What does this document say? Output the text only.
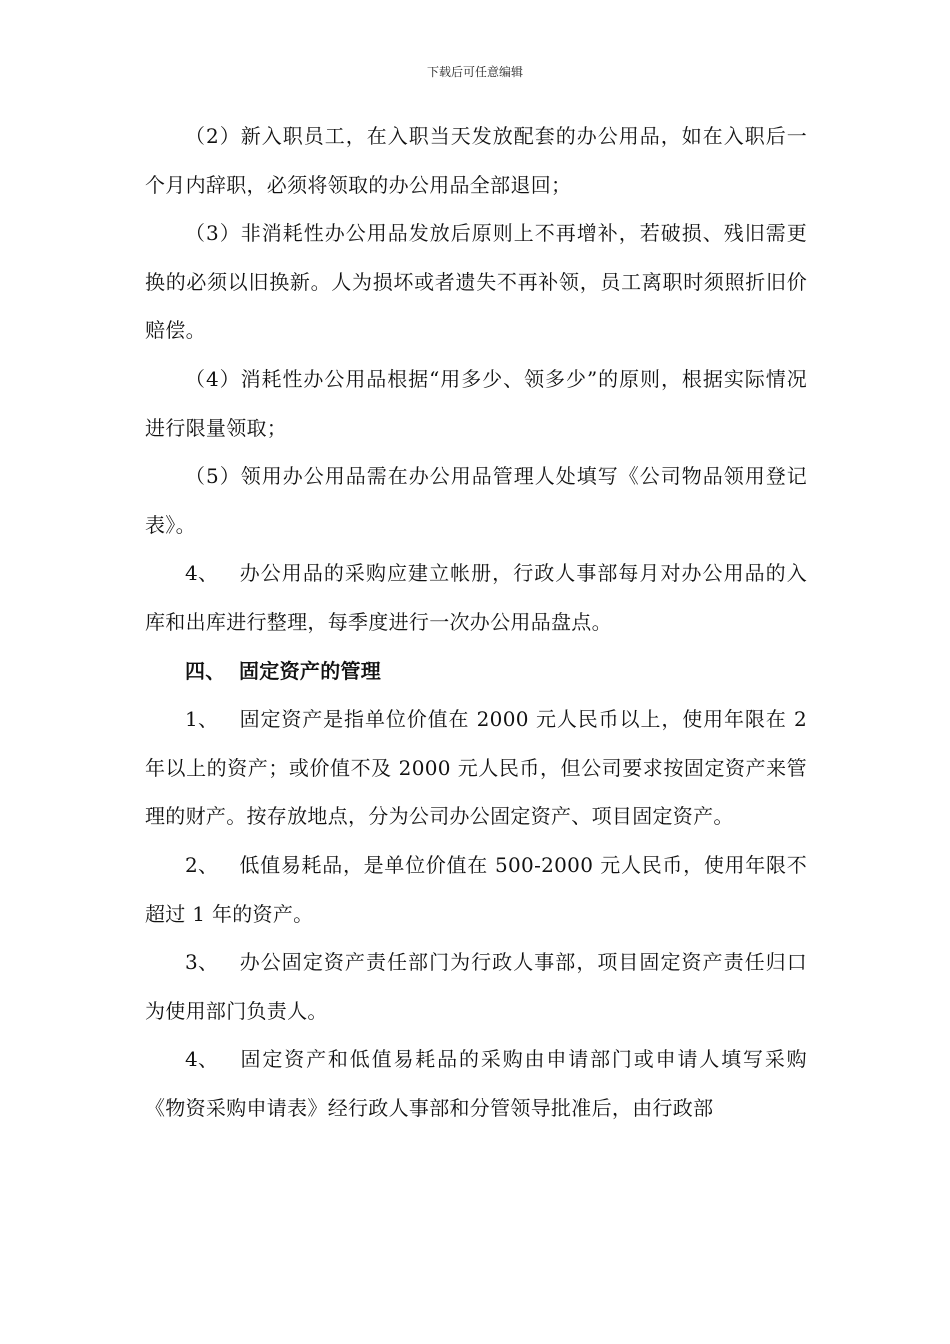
下载后可任意编辑

（2）新入职员工，在入职当天发放配套的办公用品，如在入职后一个月内辞职，必须将领取的办公用品全部退回；

（3）非消耗性办公用品发放后原则上不再增补，若破损、残旧需更换的必须以旧换新。人为损坏或者遗失不再补领，员工离职时须照折旧价赔偿。

（4）消耗性办公用品根据“用多少、领多少”的原则，根据实际情况进行限量领取；

（5）领用办公用品需在办公用品管理人处填写《公司物品领用登记表》。

4、 办公用品的采购应建立帐册，行政人事部每月对办公用品的入库和出库进行整理，每季度进行一次办公用品盘点。

四、 固定资产的管理

1、 固定资产是指单位价值在 2000 元人民币以上，使用年限在 2 年以上的资产；或价值不及 2000 元人民币，但公司要求按固定资产来管理的财产。按存放地点，分为公司办公固定资产、项目固定资产。

2、 低值易耗品，是单位价值在 500-2000 元人民币，使用年限不超过 1 年的资产。

3、 办公固定资产责任部门为行政人事部，项目固定资产责任归口为使用部门负责人。

4、 固定资产和低值易耗品的采购由申请部门或申请人填写采购《物资采购申请表》经行政人事部和分管领导批准后，由行政部
